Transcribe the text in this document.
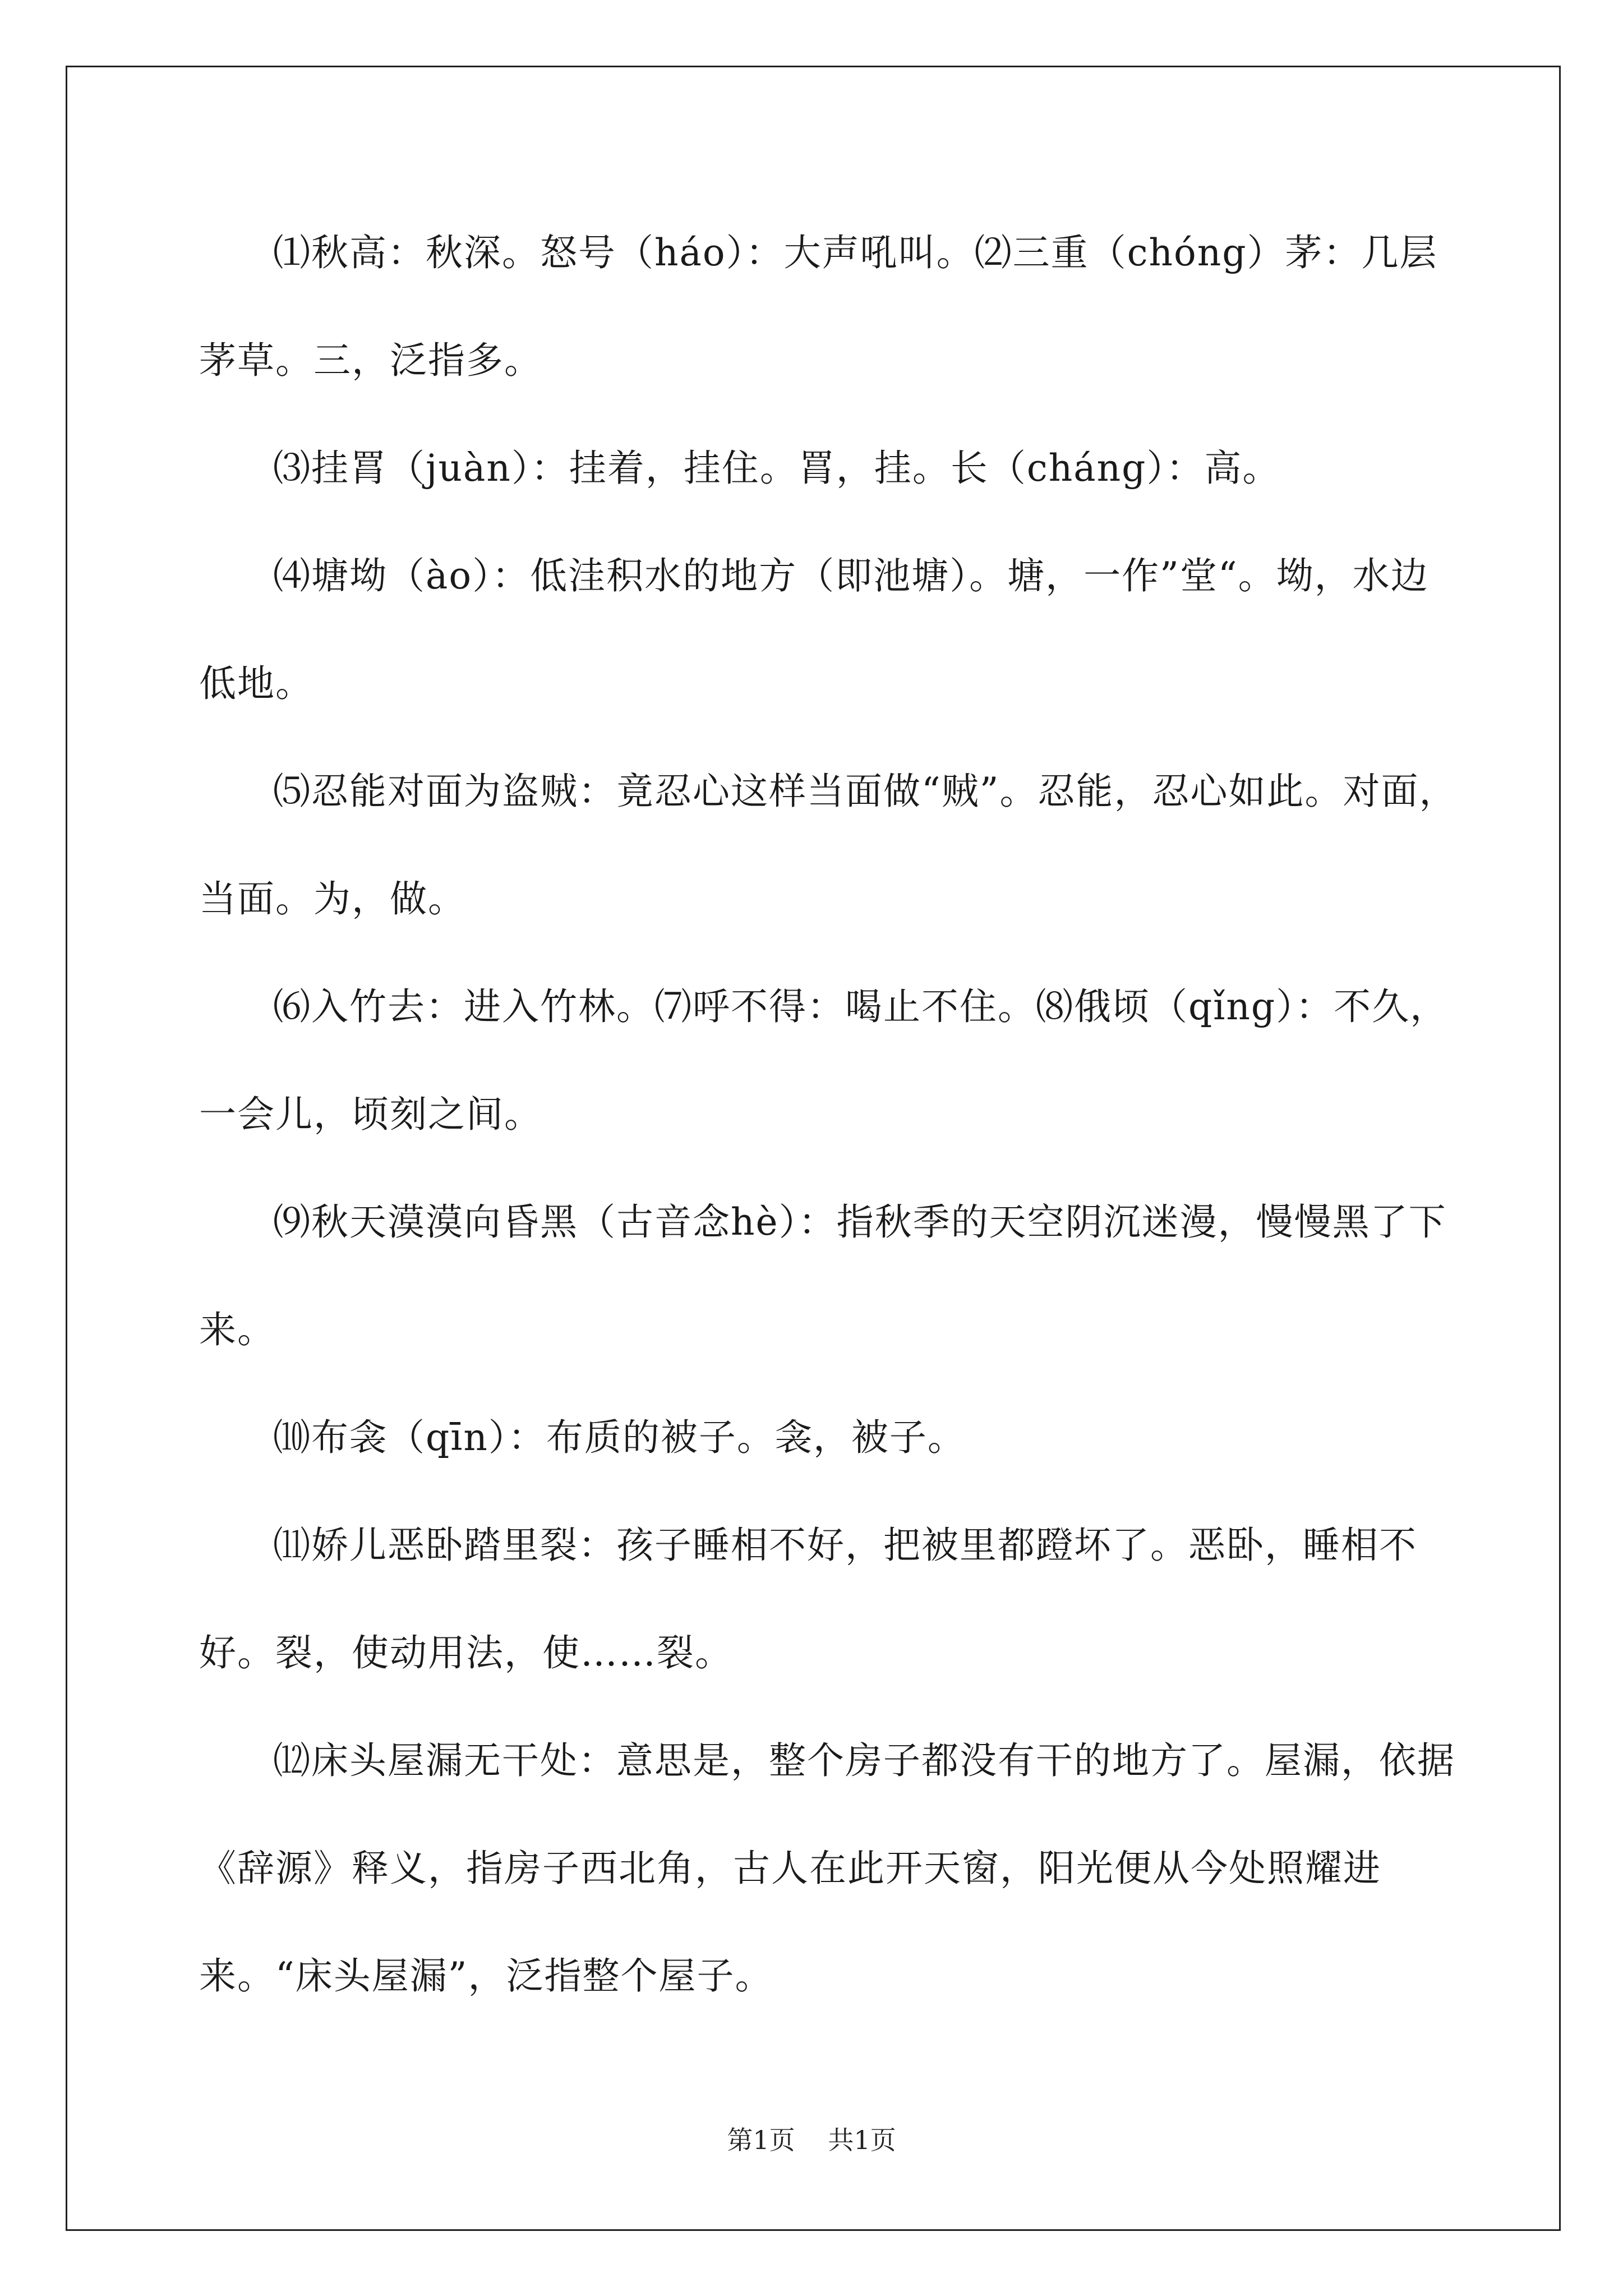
⑴秋高：秋深。怒号（háo）：大声吼叫。⑵三重（chóng）茅：几层茅草。三，泛指多。

⑶挂罥（juàn）：挂着，挂住。罥，挂。长（cháng）：高。

⑷塘坳（ào）：低洼积水的地方（即池塘）。塘，一作”堂“。坳，水边低地。

⑸忍能对面为盗贼：竟忍心这样当面做“贼”。忍能，忍心如此。对面，当面。为，做。

⑹入竹去：进入竹林。⑺呼不得：喝止不住。⑻俄顷（qǐng）：不久，一会儿，顷刻之间。

⑼秋天漠漠向昏黑（古音念hè）：指秋季的天空阴沉迷漫，慢慢黑了下来。

⑽布衾（qīn）：布质的被子。衾，被子。

⑾娇儿恶卧踏里裂：孩子睡相不好，把被里都蹬坏了。恶卧，睡相不好。裂，使动用法，使……裂。

⑿床头屋漏无干处：意思是，整个房子都没有干的地方了。屋漏，依据《辞源》释义，指房子西北角，古人在此开天窗，阳光便从今处照耀进来。“床头屋漏”，泛指整个屋子。

第1页 共1页
